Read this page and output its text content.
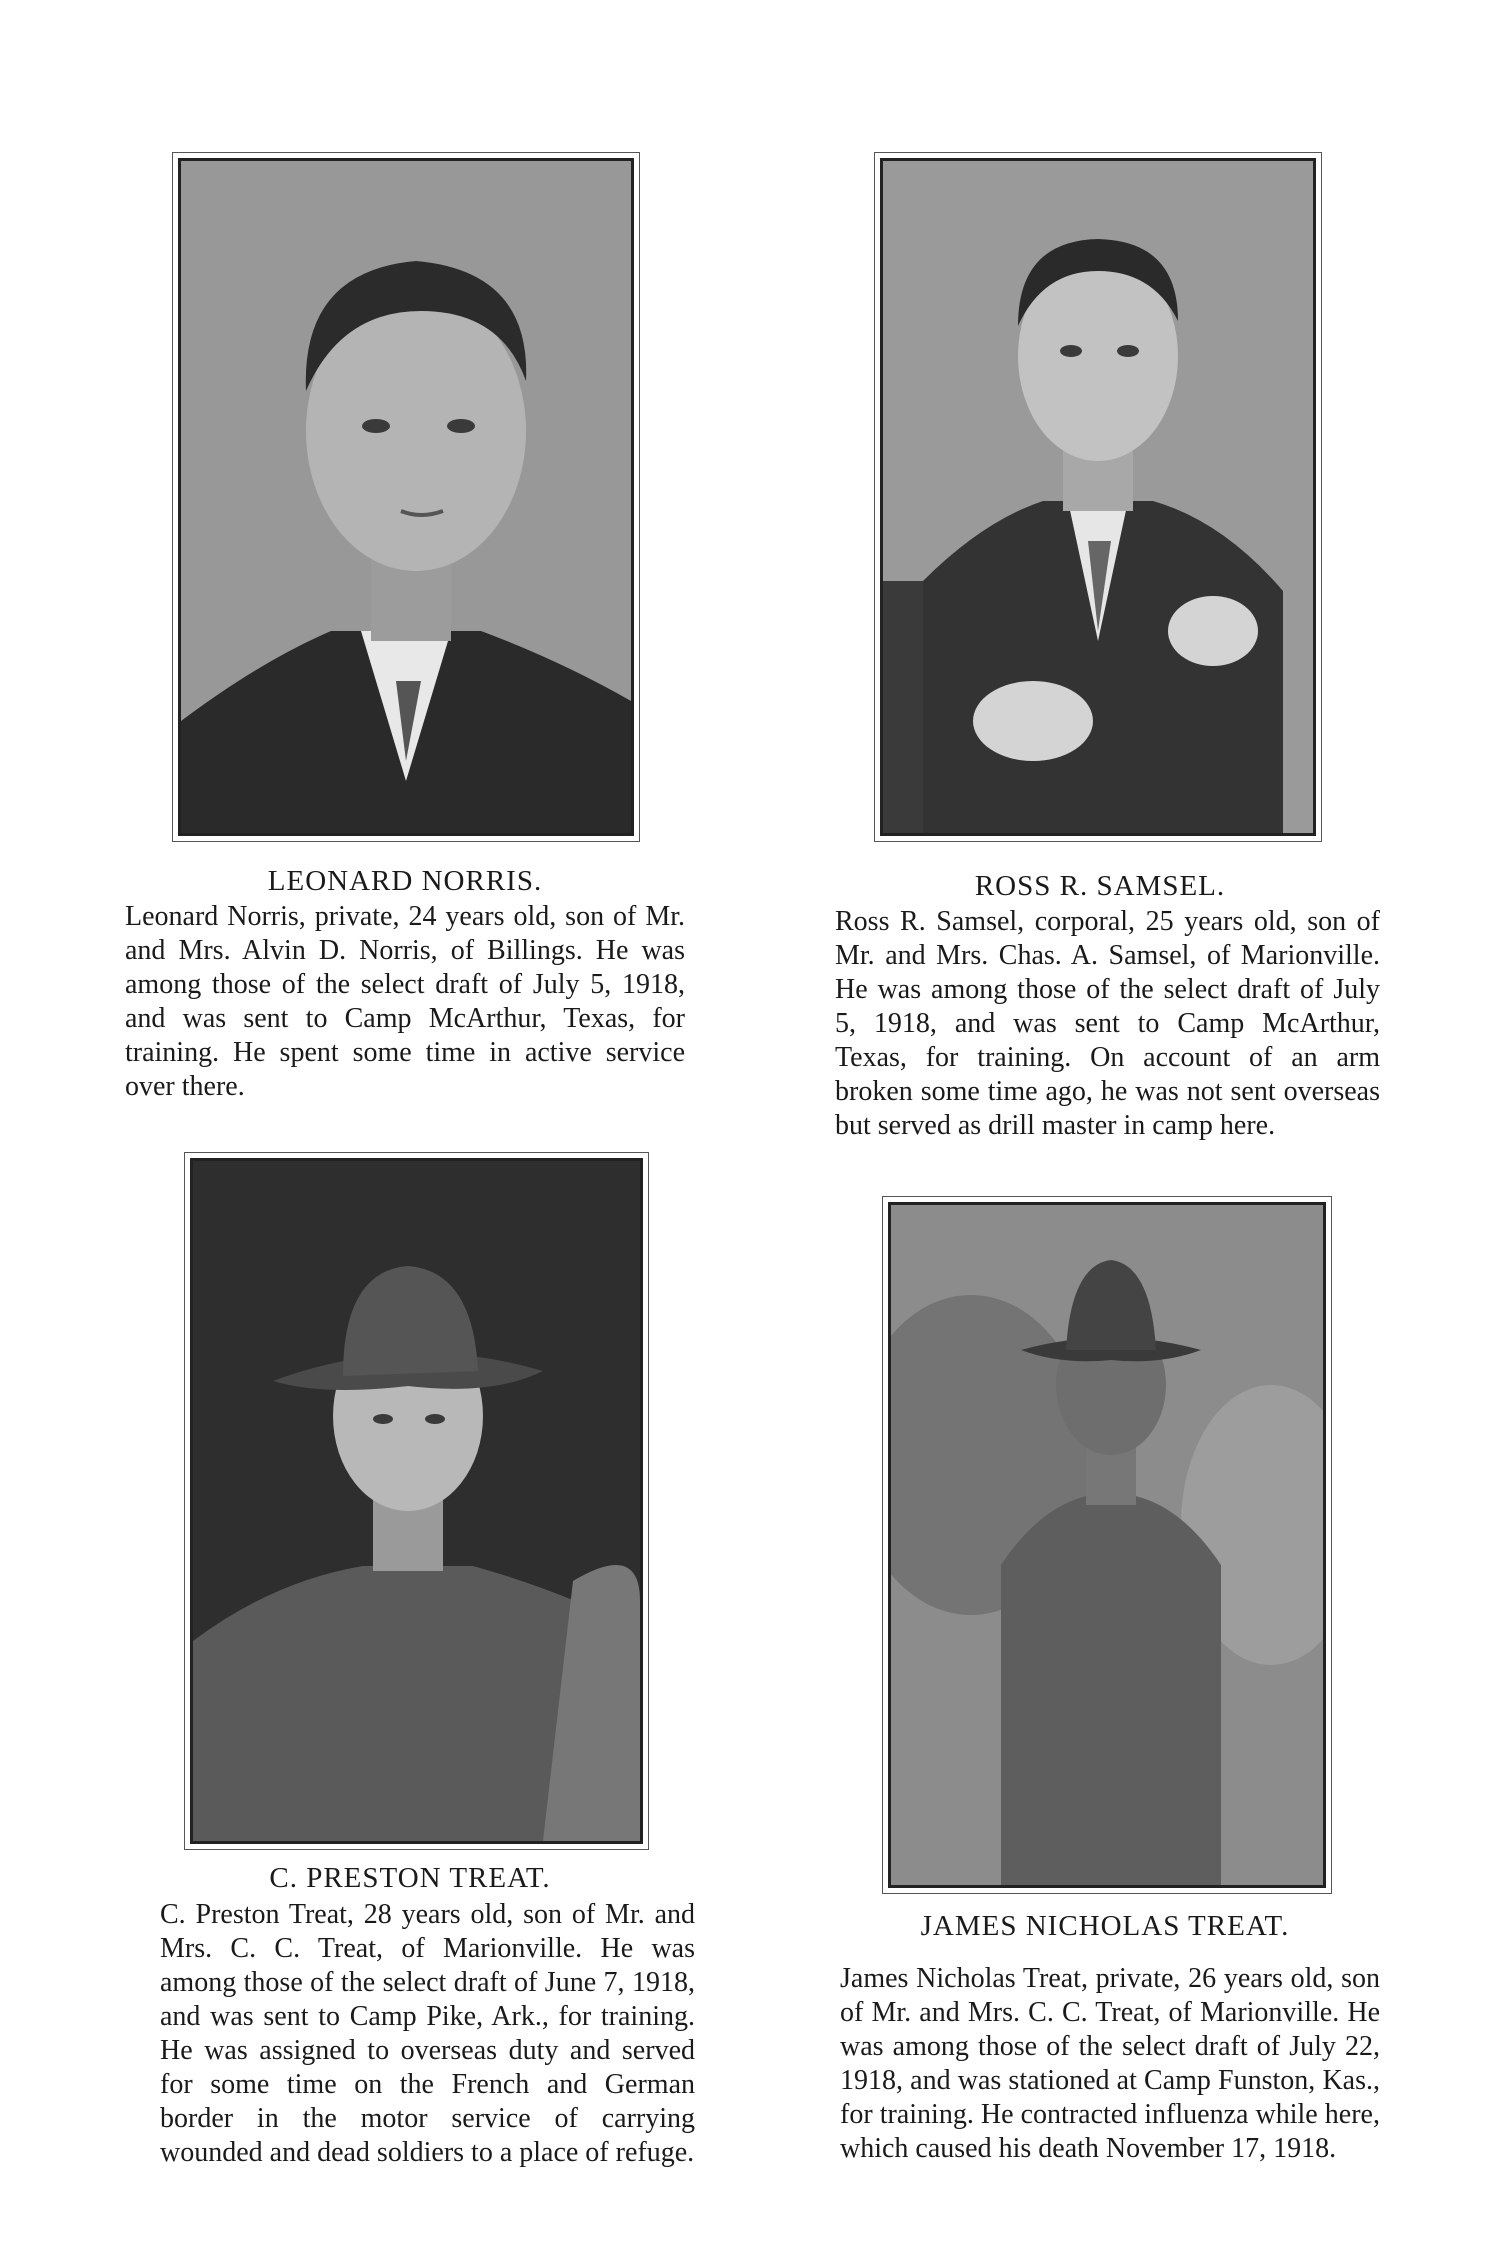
LEONARD NORRIS.

Leonard Norris, private, 24 years old, son of Mr. and Mrs. Alvin D. Norris, of Billings. He was among those of the select draft of July 5, 1918, and was sent to Camp McArthur, Texas, for training. He spent some time in active service over there.

ROSS R. SAMSEL.

Ross R. Samsel, corporal, 25 years old, son of Mr. and Mrs. Chas. A. Samsel, of Marionville. He was among those of the select draft of July 5, 1918, and was sent to Camp McArthur, Texas, for training. On account of an arm broken some time ago, he was not sent overseas but served as drill master in camp here.

C. PRESTON TREAT.

C. Preston Treat, 28 years old, son of Mr. and Mrs. C. C. Treat, of Marionville. He was among those of the select draft of June 7, 1918, and was sent to Camp Pike, Ark., for training. He was assigned to overseas duty and served for some time on the French and German border in the motor service of carrying wounded and dead soldiers to a place of refuge.

JAMES NICHOLAS TREAT.

James Nicholas Treat, private, 26 years old, son of Mr. and Mrs. C. C. Treat, of Marionville. He was among those of the select draft of July 22, 1918, and was stationed at Camp Funston, Kas., for training. He contracted influenza while here, which caused his death November 17, 1918.
